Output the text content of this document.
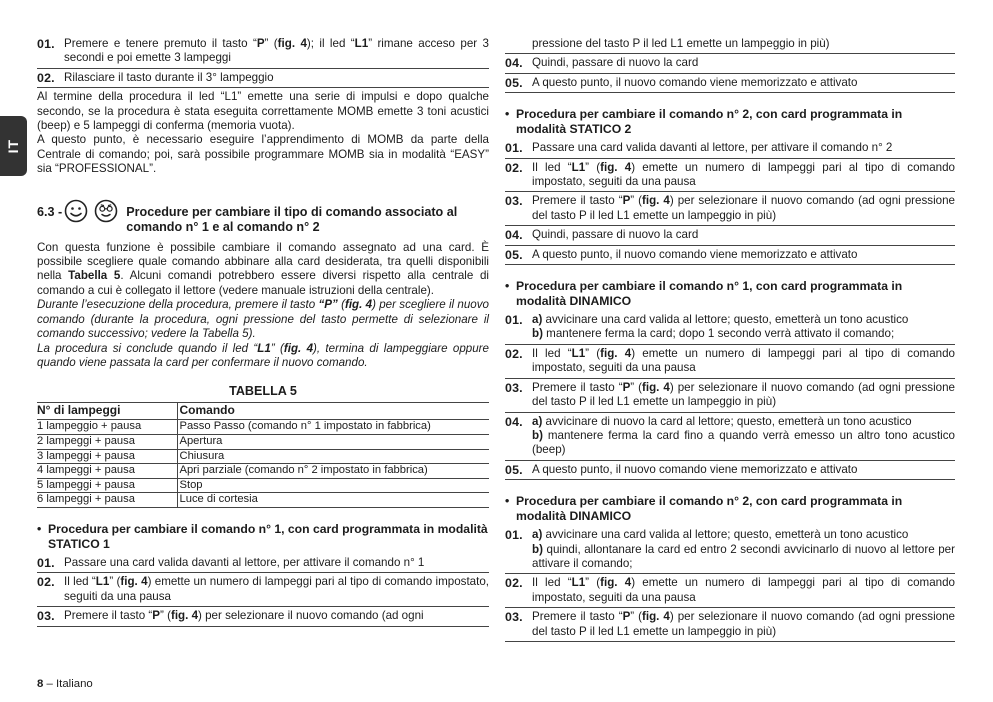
IT
01. Premere e tenere premuto il tasto “P” (fig. 4); il led “L1” rimane acceso per 3 secondi e poi emette 3 lampeggi
02. Rilasciare il tasto durante il 3° lampeggio

Al termine della procedura il led “L1” emette una serie di impulsi e dopo qualche secondo, se la procedura è stata eseguita correttamente MOMB emette 3 toni acustici (beep) e 5 lampeggi di conferma (memoria vuota).

A questo punto, è necessario eseguire l’apprendimento di MOMB da parte della Centrale di comando; poi, sarà possibile programmare MOMB sia in modalità “EASY” sia “PROFESSIONAL”.

6.3 -	Procedure per cambiare il tipo di comando associato al comando n° 1 e al comando n° 2

Con questa funzione è possibile cambiare il comando assegnato ad una card. È possibile scegliere quale comando abbinare alla card desiderata, tra quelli disponibili nella Tabella 5. Alcuni comandi potrebbero essere diversi rispetto alla centrale di comando a cui è collegato il lettore (vedere manuale istruzioni della centrale).

Durante l’esecuzione della procedura, premere il tasto “P” (fig. 4) per scegliere il nuovo comando (durante la procedura, ogni pressione del tasto permette di selezionare il comando successivo; vedere la Tabella 5).

La procedura si conclude quando il led “L1” (fig. 4), termina di lampeggiare oppure quando viene passata la card per confermare il nuovo comando.

TABELLA 5
N° di lampeggi	Comando
1 lampeggio + pausa	Passo Passo (comando n° 1 impostato in fabbrica)
2 lampeggi + pausa	Apertura
3 lampeggi + pausa	Chiusura
4 lampeggi + pausa	Apri parziale (comando n° 2 impostato in fabbrica)
5 lampeggi + pausa	Stop
6 lampeggi + pausa	Luce di cortesia
• Procedura per cambiare il comando n° 1, con card programmata in modalità STATICO 1
01. Passare una card valida davanti al lettore, per attivare il comando n° 1
02. Il led “L1” (fig. 4) emette un numero di lampeggi pari al tipo di comando impostato, seguiti da una pausa
03. Premere il tasto “P” (fig. 4) per selezionare il nuovo comando (ad ogni
pressione del tasto P il led L1 emette un lampeggio in più)
04. Quindi, passare di nuovo la card
05. A questo punto, il nuovo comando viene memorizzato e attivato
• Procedura per cambiare il comando n° 2, con card programmata in modalità STATICO 2
01. Passare una card valida davanti al lettore, per attivare il comando n° 2
02. Il led “L1” (fig. 4) emette un numero di lampeggi pari al tipo di comando impostato, seguiti da una pausa
03. Premere il tasto “P” (fig. 4) per selezionare il nuovo comando (ad ogni pressione del tasto P il led L1 emette un lampeggio in più)
04. Quindi, passare di nuovo la card
05. A questo punto, il nuovo comando viene memorizzato e attivato
• Procedura per cambiare il comando n° 1, con card programmata in modalità DINAMICO
01. a) avvicinare una card valida al lettore; questo, emetterà un tono acustico
b) mantenere ferma la card; dopo 1 secondo verrà attivato il comando;
02. Il led “L1” (fig. 4) emette un numero di lampeggi pari al tipo di comando impostato, seguiti da una pausa
03. Premere il tasto “P” (fig. 4) per selezionare il nuovo comando (ad ogni pressione del tasto P il led L1 emette un lampeggio in più)
04. a) avvicinare di nuovo la card al lettore; questo, emetterà un tono acustico
b) mantenere ferma la card fino a quando verrà emesso un altro tono acustico (beep)
05. A questo punto, il nuovo comando viene memorizzato e attivato
• Procedura per cambiare il comando n° 2, con card programmata in modalità DINAMICO
01. a) avvicinare una card valida al lettore; questo, emetterà un tono acustico
b) quindi, allontanare la card ed entro 2 secondi avvicinarlo di nuovo al lettore per attivare il comando;
02. Il led “L1” (fig. 4) emette un numero di lampeggi pari al tipo di comando impostato, seguiti da una pausa
03. Premere il tasto “P” (fig. 4) per selezionare il nuovo comando (ad ogni pressione del tasto P il led L1 emette un lampeggio in più)
8 – Italiano
